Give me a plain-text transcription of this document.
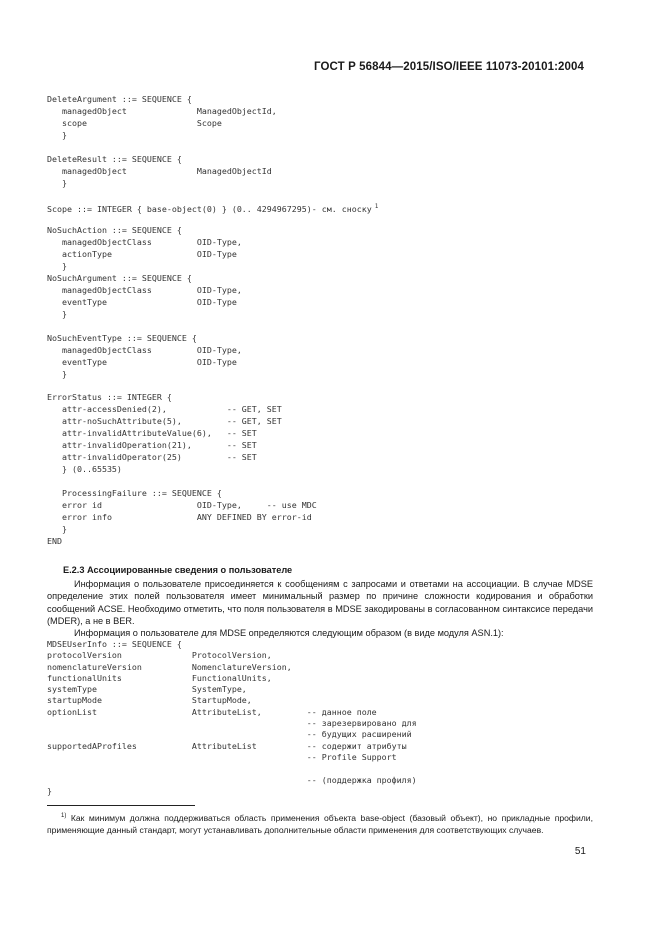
ГОСТ Р 56844—2015/ISO/IEEE 11073-20101:2004
DeleteArgument ::= SEQUENCE {
managedObject              ManagedObjectId,
scope                      Scope
}

DeleteResult ::= SEQUENCE {
managedObject              ManagedObjectId
}

Scope ::= INTEGER { base-object(0) } (0.. 4294967295)- см. сноску $^1$

NoSuchAction ::= SEQUENCE {
managedObjectClass         OID-Type,
actionType                 OID-Type
}
NoSuchArgument ::= SEQUENCE {
managedObjectClass         OID-Type,
eventType                  OID-Type
}

NoSuchEventType ::= SEQUENCE {
managedObjectClass         OID-Type,
eventType                  OID-Type
}

ErrorStatus ::= INTEGER {
attr-accessDenied(2),            -- GET, SET
attr-noSuchAttribute(5),         -- GET, SET
attr-invalidAttributeValue(6),   -- SET
attr-invalidOperation(21),       -- SET
attr-invalidOperator(25)         -- SET
} (0..65535)

ProcessingFailure ::= SEQUENCE {
error id                   OID-Type,     -- use MDC
error info                 ANY DEFINED BY error-id
}
END
E.2.3 Ассоциированные сведения о пользователе
Информация о пользователе присоединяется к сообщениям с запросами и ответами на ассоциации. В случае MDSE определение этих полей пользователя имеет минимальный размер по причине сложности кодирования и обработки сообщений ACSE. Необходимо отметить, что поля пользователя в MDSE закодированы в согласованном синтаксисе передачи (MDER), а не в BER.
Информация о пользователе для MDSE определяются следующим образом (в виде модуля ASN.1):
MDSEUserInfo ::= SEQUENCE {
protocolVersion              ProtocolVersion,
nomenclatureVersion          NomenclatureVersion,
functionalUnits              FunctionalUnits,
systemType                   SystemType,
startupMode                  StartupMode,
optionList                   AttributeList,         -- данное поле
-- зарезервировано для
-- будущих расширений
supportedAProfiles           AttributeList          -- содержит атрибуты
-- Profile Support

-- (поддержка профиля)
}
$^{1)}$ Как минимум должна поддерживаться область применения объекта base-object (базовый объект), но прикладные профили, применяющие данный стандарт, могут устанавливать дополнительные области применения для соответствующих случаев.
51
